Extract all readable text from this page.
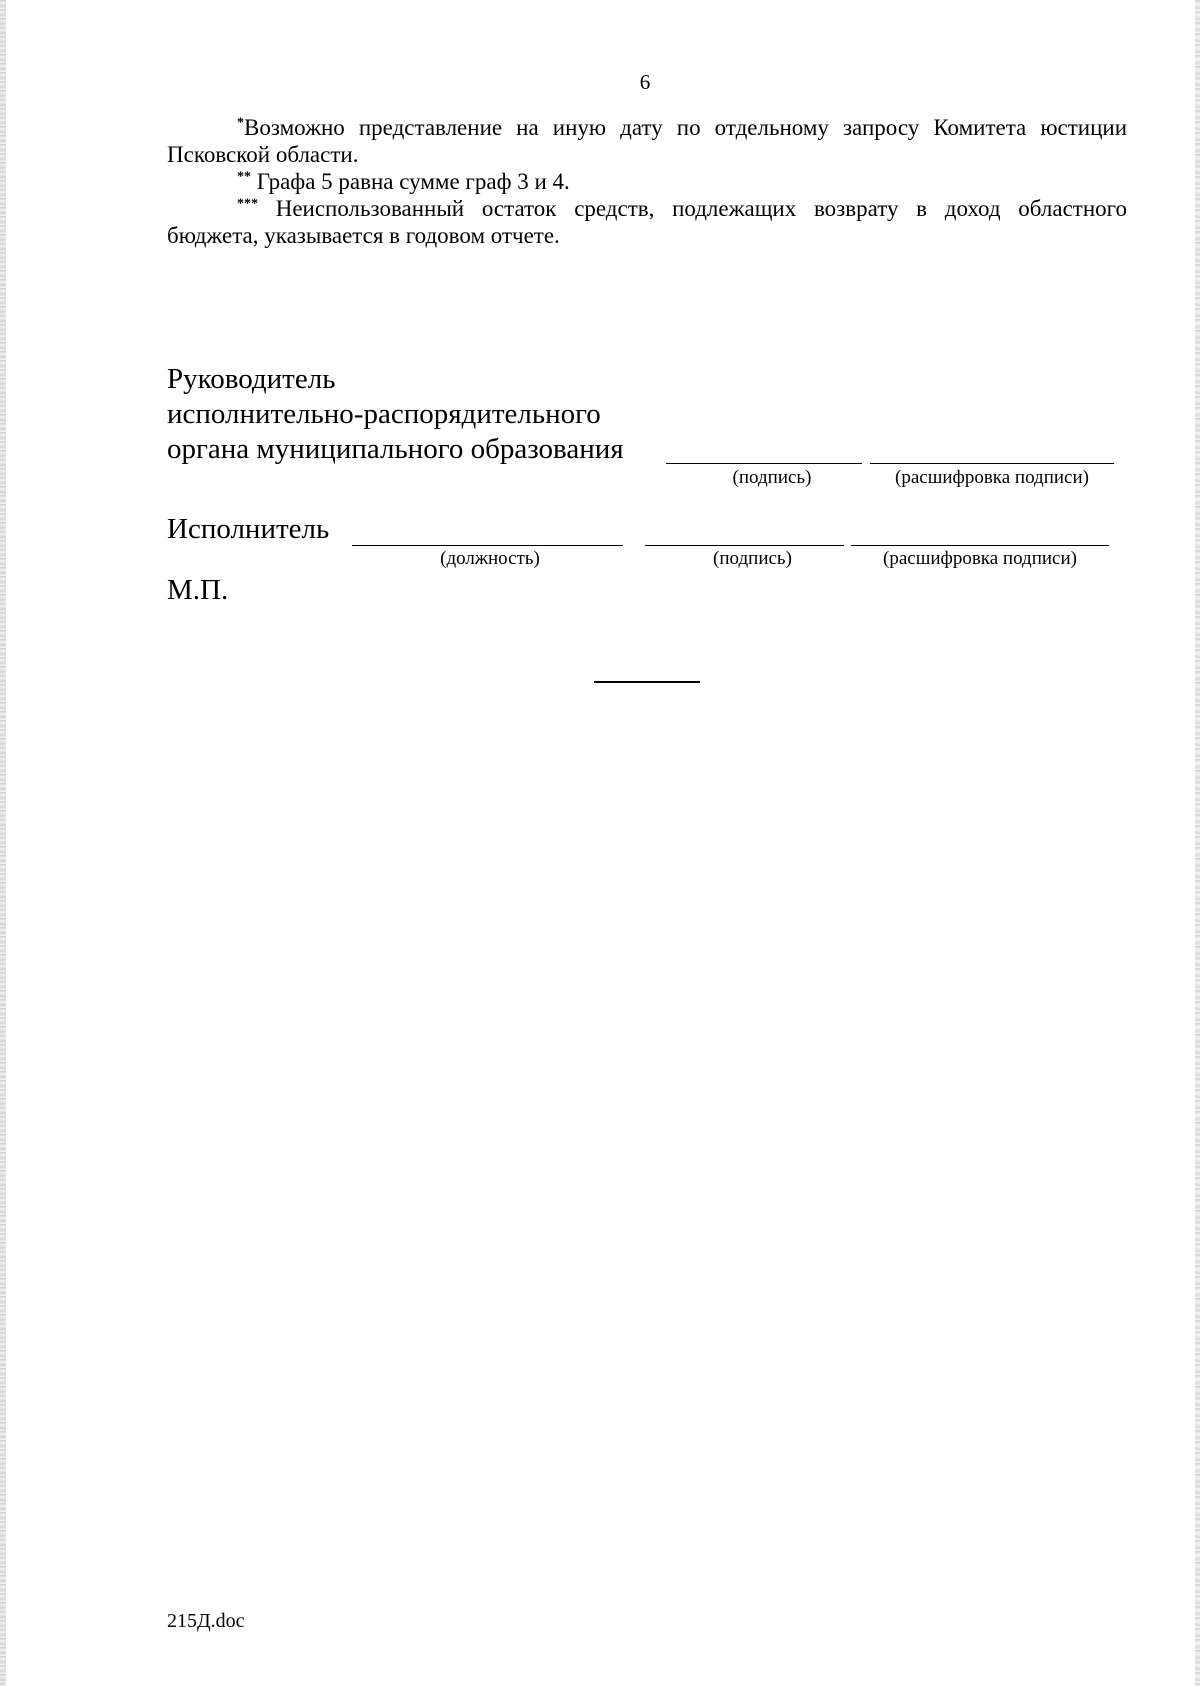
6

*Возможно представление на иную дату по отдельному запросу Комитета юстиции Псковской области.

** Графа 5 равна сумме граф 3 и 4.

*** Неиспользованный остаток средств, подлежащих возврату в доход областного бюджета, указывается в годовом отчете.

Руководитель
исполнительно-распорядительного
органа муниципального образования
(подпись)	(расшифровка подписи)
Исполнитель
(должность)	(подпись)	(расшифровка подписи)
М.П.
215Д.doc
